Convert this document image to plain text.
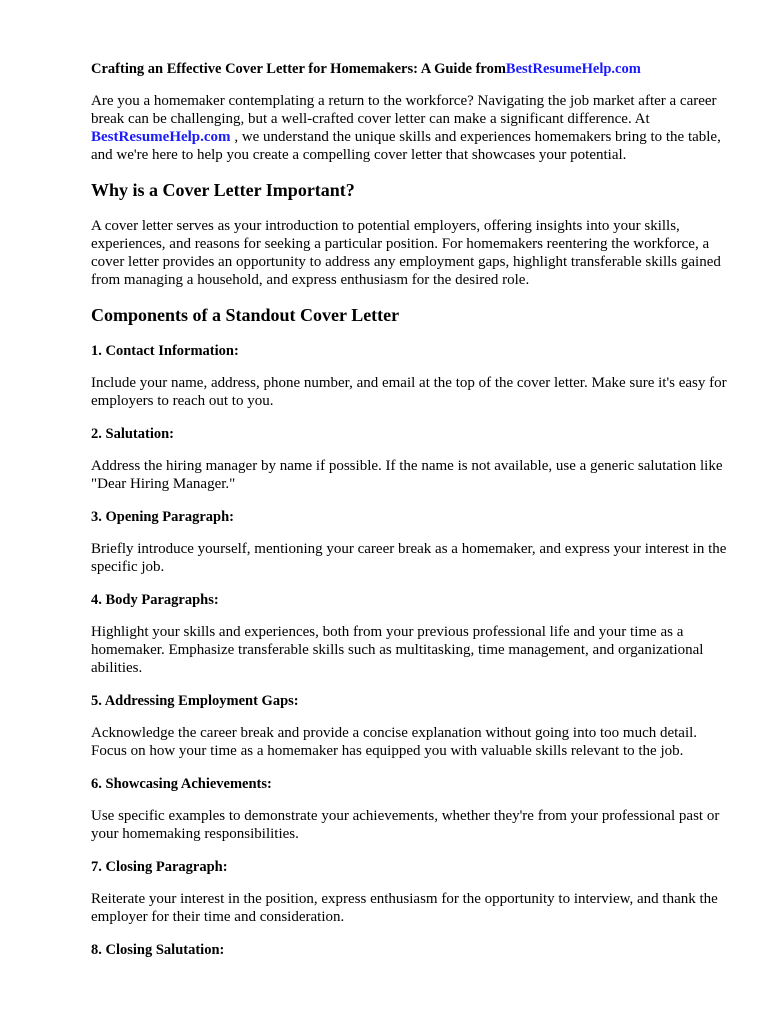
Crafting an Effective Cover Letter for Homemakers: A Guide fromBestResumeHelp.com

Are you a homemaker contemplating a return to the workforce? Navigating the job market after a career break can be challenging, but a well-crafted cover letter can make a significant difference. At BestResumeHelp.com , we understand the unique skills and experiences homemakers bring to the table, and we're here to help you create a compelling cover letter that showcases your potential.

Why is a Cover Letter Important?

A cover letter serves as your introduction to potential employers, offering insights into your skills, experiences, and reasons for seeking a particular position. For homemakers reentering the workforce, a cover letter provides an opportunity to address any employment gaps, highlight transferable skills gained from managing a household, and express enthusiasm for the desired role.

Components of a Standout Cover Letter
1. Contact Information:

Include your name, address, phone number, and email at the top of the cover letter. Make sure it's easy for employers to reach out to you.

2. Salutation:

Address the hiring manager by name if possible. If the name is not available, use a generic salutation like "Dear Hiring Manager."

3. Opening Paragraph:

Briefly introduce yourself, mentioning your career break as a homemaker, and express your interest in the specific job.

4. Body Paragraphs:

Highlight your skills and experiences, both from your previous professional life and your time as a homemaker. Emphasize transferable skills such as multitasking, time management, and organizational abilities.

5. Addressing Employment Gaps:

Acknowledge the career break and provide a concise explanation without going into too much detail. Focus on how your time as a homemaker has equipped you with valuable skills relevant to the job.

6. Showcasing Achievements:

Use specific examples to demonstrate your achievements, whether they're from your professional past or your homemaking responsibilities.

7. Closing Paragraph:

Reiterate your interest in the position, express enthusiasm for the opportunity to interview, and thank the employer for their time and consideration.

8. Closing Salutation:
